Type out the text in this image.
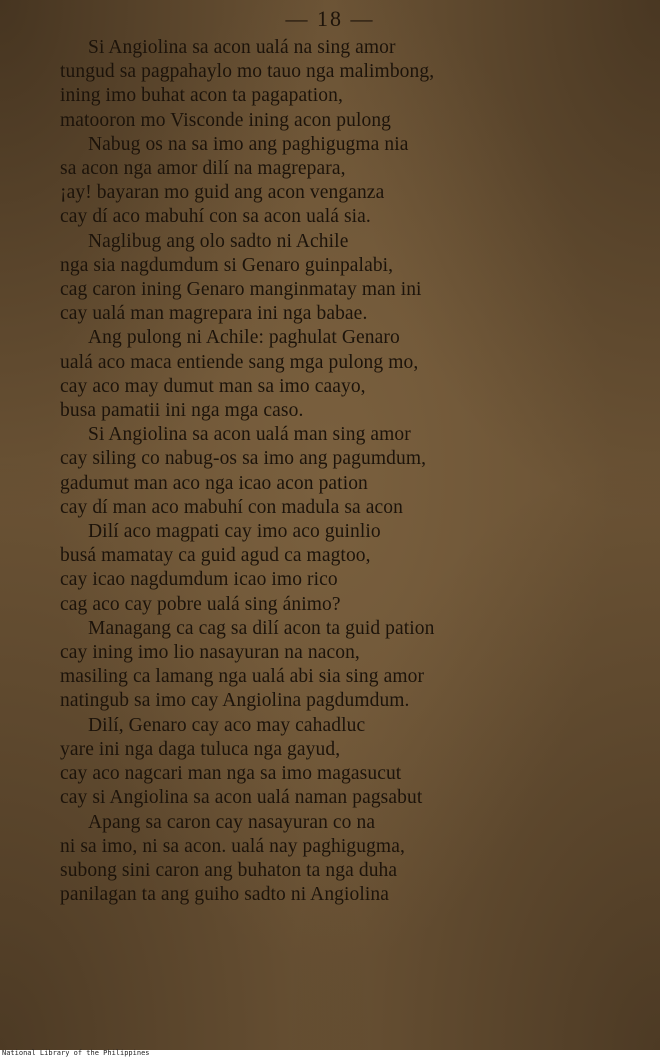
— 18 —
Si Angiolina sa acon ualá na sing amor
tungud sa pagpahaylo mo tauo nga malimbong,
ining imo buhat acon ta pagapation,
matooron mo Visconde ining acon pulong
Nabug os na sa imo ang paghigugma nia
sa acon nga amor dilí na magrepara,
¡ay! bayaran mo guid ang acon venganza
cay dí aco mabuhí con sa acon ualá sia.
Naglibug ang olo sadto ni Achile
nga sia nagdumdum si Genaro guinpalabi,
cag caron ining Genaro manginmatay man ini
cay ualá man magrepara ini nga babae.
Ang pulong ni Achile: paghulat Genaro
ualá aco maca entiende sang mga pulong mo,
cay aco may dumut man sa imo caayo,
busa pamatii ini nga mga caso.
Si Angiolina sa acon ualá man sing amor
cay siling co nabug-os sa imo ang pagumdum,
gadumut man aco nga icao acon pation
cay dí man aco mabuhí con madula sa acon
Dilí aco magpati cay imo aco guinlio
busá mamatay ca guid agud ca magtoo,
cay icao nagdumdum icao imo rico
cag aco cay pobre ualá sing ánimo?
Managang ca cag sa dilí acon ta guid pation
cay ining imo lio nasayuran na nacon,
masiling ca lamang nga ualá abi sia sing amor
natingub sa imo cay Angiolina pagdumdum.
Dilí, Genaro cay aco may cahadluc
yare ini nga daga tuluca nga gayud,
cay aco nagcari man nga sa imo magasucut
cay si Angiolina sa acon ualá naman pagsabut
Apang sa caron cay nasayuran co na
ni sa imo, ni sa acon. ualá nay paghigugma,
subong sini caron ang buhaton ta nga duha
panilagan ta ang guiho sadto ni Angiolina
National Library of the Philippines
